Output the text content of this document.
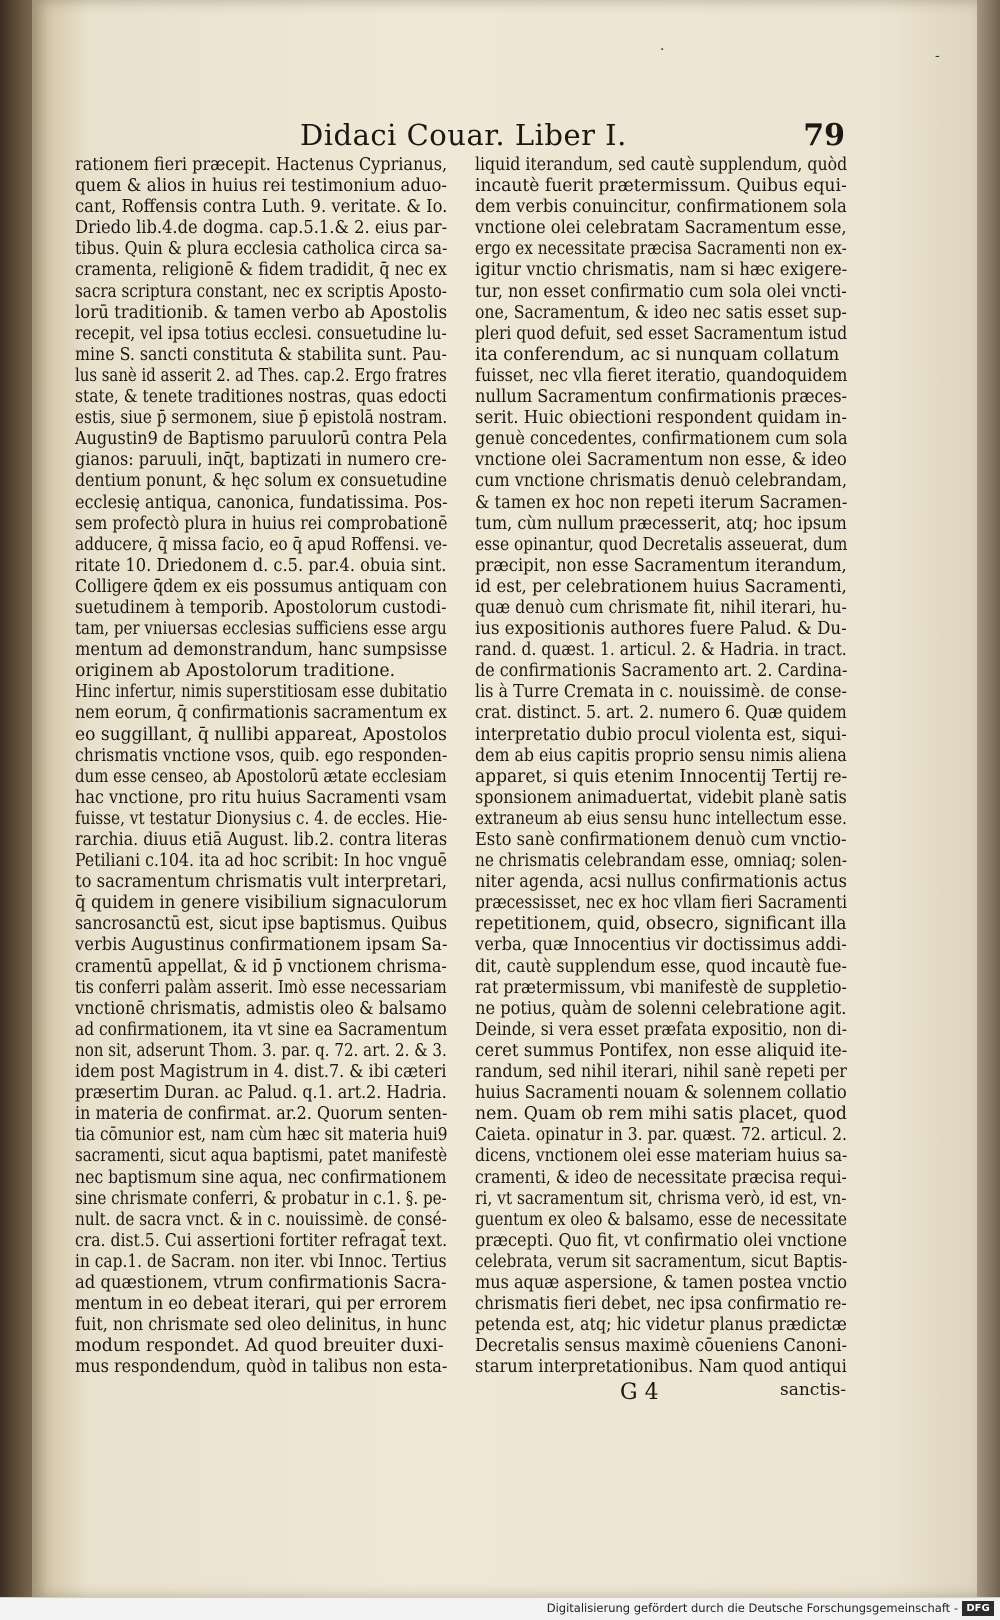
·	-
Didaci Couar. Liber I.	79
rationem fieri præcepit. Hactenus Cyprianus,
quem & alios in huius rei testimonium aduo-
cant, Roffensis contra Luth. 9. veritate. & Io.
Driedo lib.4.de dogma. cap.5.1.& 2. eius par-
tibus. Quin & plura ecclesia catholica circa sa-
cramenta, religionē & fidem tradidit, q̄ nec ex
sacra scriptura constant, nec ex scriptis Aposto-
lorū traditionib. & tamen verbo ab Apostolis
recepit, vel ipsa totius ecclesi. consuetudine lu-
mine S. sancti constituta & stabilita sunt. Pau-
lus sanè id asserit 2. ad Thes. cap.2. Ergo fratres
state, & tenete traditiones nostras, quas edocti
estis, siue p̄ sermonem, siue p̄ epistolā nostram.
Augustin9 de Baptismo paruulorū contra Pela
gianos: paruuli, inq̄t, baptizati in numero cre-
dentium ponunt, & hęc solum ex consuetudine
ecclesię antiqua, canonica, fundatissima. Pos-
sem profectò plura in huius rei comprobationē
adducere, q̄ missa facio, eo q̄ apud Roffensi. ve-
ritate 10. Driedonem d. c.5. par.4. obuia sint.
Colligere q̄dem ex eis possumus antiquam con
suetudinem à temporib. Apostolorum custodi-
tam, per vniuersas ecclesias sufficiens esse argu
mentum ad demonstrandum, hanc sumpsisse
originem ab Apostolorum traditione.
Hinc infertur, nimis superstitiosam esse dubitatio
nem eorum, q̄ confirmationis sacramentum ex
eo suggillant, q̄ nullibi appareat, Apostolos
chrismatis vnctione vsos, quib. ego responden-
dum esse censeo, ab Apostolorū ætate ecclesiam
hac vnctione, pro ritu huius Sacramenti vsam
fuisse, vt testatur Dionysius c. 4. de eccles. Hie-
rarchia. diuus etiā August. lib.2. contra literas
Petiliani c.104. ita ad hoc scribit: In hoc vnguē
to sacramentum chrismatis vult interpretari,
q̄ quidem in genere visibilium signaculorum
sancrosanctū est, sicut ipse baptismus. Quibus
verbis Augustinus confirmationem ipsam Sa-
cramentū appellat, & id p̄ vnctionem chrisma-
tis conferri palàm asserit. Imò esse necessariam
vnctionē chrismatis, admistis oleo & balsamo
ad confirmationem, ita vt sine ea Sacramentum
non sit, adserunt Thom. 3. par. q. 72. art. 2. & 3.
idem post Magistrum in 4. dist.7. & ibi cæteri
præsertim Duran. ac Palud. q.1. art.2. Hadria.
in materia de confirmat. ar.2. Quorum senten-
tia cōmunior est, nam cùm hæc sit materia hui9
sacramenti, sicut aqua baptismi, patet manifestè
nec baptismum sine aqua, nec confirmationem
sine chrismate conferri, & probatur in c.1. §. pe-
nult. de sacra vnct. & in c. nouissimè. de consé-
cra. dist.5. Cui assertioni fortiter refragat̄ text.
in cap.1. de Sacram. non iter. vbi Innoc. Tertius
ad quæstionem, vtrum confirmationis Sacra-
mentum in eo debeat iterari, qui per errorem
fuit, non chrismate sed oleo delinitus, in hunc
modum respondet. Ad quod breuiter duxi-
mus respondendum, quòd in talibus non esta-
liquid iterandum, sed cautè supplendum, quòd
incautè fuerit prætermissum. Quibus equi-
dem verbis conuincitur, confirmationem sola
vnctione olei celebratam Sacramentum esse,
ergo ex necessitate præcisa Sacramenti non ex-
igitur vnctio chrismatis, nam si hæc exigere-
tur, non esset confirmatio cum sola olei vncti-
one, Sacramentum, & ideo nec satis esset sup-
pleri quod defuit, sed esset Sacramentum istud
ita conferendum, ac si nunquam collatum
fuisset, nec vlla fieret iteratio, quandoquidem
nullum Sacramentum confirmationis præces-
serit. Huic obiectioni respondent quidam in-
genuè concedentes, confirmationem cum sola
vnctione olei Sacramentum non esse, & ideo
cum vnctione chrismatis denuò celebrandam,
& tamen ex hoc non repeti iterum Sacramen-
tum, cùm nullum præcesserit, atq; hoc ipsum
esse opinantur, quod Decretalis asseuerat, dum
præcipit, non esse Sacramentum iterandum,
id est, per celebrationem huius Sacramenti,
quæ denuò cum chrismate fit, nihil iterari, hu-
ius expositionis authores fuere Palud. & Du-
rand. d. quæst. 1. articul. 2. & Hadria. in tract.
de confirmationis Sacramento art. 2. Cardina-
lis à Turre Cremata in c. nouissimè. de conse-
crat. distinct. 5. art. 2. numero 6. Quæ quidem
interpretatio dubio procul violenta est, siqui-
dem ab eius capitis proprio sensu nimis aliena
apparet, si quis etenim Innocentij Tertij re-
sponsionem animaduertat, videbit planè satis
extraneum ab eius sensu hunc intellectum esse.
Esto sanè confirmationem denuò cum vnctio-
ne chrismatis celebrandam esse, omniaq; solen-
niter agenda, acsi nullus confirmationis actus
præcessisset, nec ex hoc vllam fieri Sacramenti
repetitionem, quid, obsecro, significant illa
verba, quæ Innocentius vir doctissimus addi-
dit, cautè supplendum esse, quod incautè fue-
rat prætermissum, vbi manifestè de suppletio-
ne potius, quàm de solenni celebratione agit.
Deinde, si vera esset præfata expositio, non di-
ceret summus Pontifex, non esse aliquid ite-
randum, sed nihil iterari, nihil sanè repeti per
huius Sacramenti nouam & solennem collatio
nem. Quam ob rem mihi satis placet, quod
Caieta. opinatur in 3. par. quæst. 72. articul. 2.
dicens, vnctionem olei esse materiam huius sa-
cramenti, & ideo de necessitate præcisa requi-
ri, vt sacramentum sit, chrisma verò, id est, vn-
guentum ex oleo & balsamo, esse de necessitate
præcepti. Quo fit, vt confirmatio olei vnctione
celebrata, verum sit sacramentum, sicut Baptis-
mus aquæ aspersione, & tamen postea vnctio
chrismatis fieri debet, nec ipsa confirmatio re-
petenda est, atq; hic videtur planus prædictæ
Decretalis sensus maximè cōueniens Canoni-
starum interpretationibus. Nam quod antiqui
G 4	sanctis-
Digitalisierung gefördert durch die Deutsche Forschungsgemeinschaft - DFG
